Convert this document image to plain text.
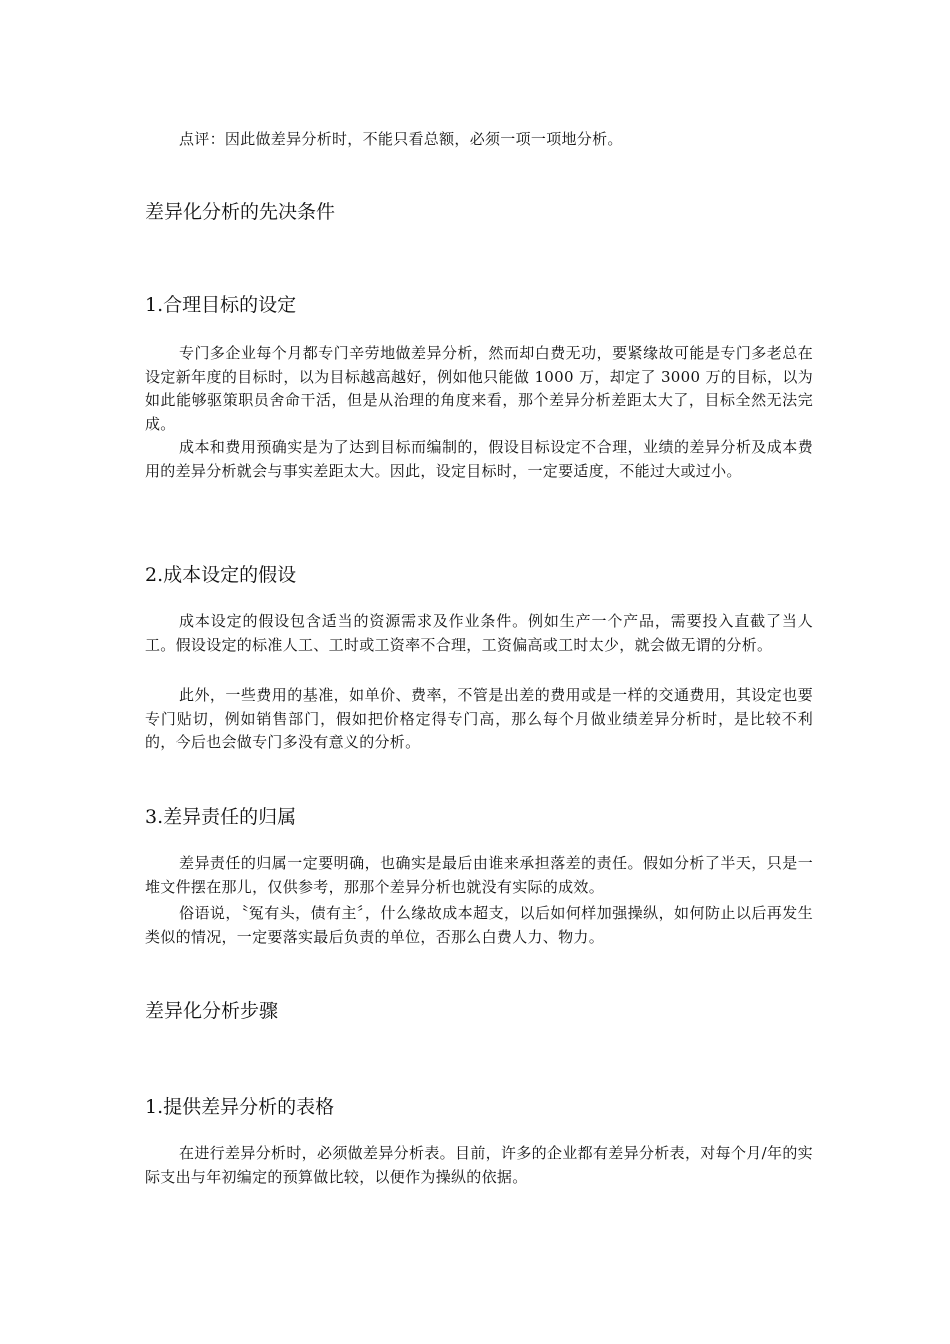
点评：因此做差异分析时，不能只看总额，必须一项一项地分析。

差异化分析的先决条件
1.合理目标的设定

专门多企业每个月都专门辛劳地做差异分析，然而却白费无功，要紧缘故可能是专门多老总在设定新年度的目标时，以为目标越高越好，例如他只能做 1000 万，却定了 3000 万的目标，以为如此能够驱策职员舍命干活，但是从治理的角度来看，那个差异分析差距太大了，目标全然无法完成。

成本和费用预确实是为了达到目标而编制的，假设目标设定不合理，业绩的差异分析及成本费用的差异分析就会与事实差距太大。因此，设定目标时，一定要适度，不能过大或过小。

2.成本设定的假设

成本设定的假设包含适当的资源需求及作业条件。例如生产一个产品，需要投入直截了当人工。假设设定的标准人工、工时或工资率不合理，工资偏高或工时太少，就会做无谓的分析。

此外，一些费用的基准，如单价、费率，不管是出差的费用或是一样的交通费用，其设定也要专门贴切，例如销售部门，假如把价格定得专门高，那么每个月做业绩差异分析时，是比较不利的，今后也会做专门多没有意义的分析。

3.差异责任的归属

差异责任的归属一定要明确，也确实是最后由谁来承担落差的责任。假如分析了半天，只是一堆文件摆在那儿，仅供参考，那那个差异分析也就没有实际的成效。

俗语说，〝冤有头，债有主〞，什么缘故成本超支，以后如何样加强操纵，如何防止以后再发生类似的情况，一定要落实最后负责的单位，否那么白费人力、物力。

差异化分析步骤
1.提供差异分析的表格

在进行差异分析时，必须做差异分析表。目前，许多的企业都有差异分析表，对每个月/年的实际支出与年初编定的预算做比较，以便作为操纵的依据。
